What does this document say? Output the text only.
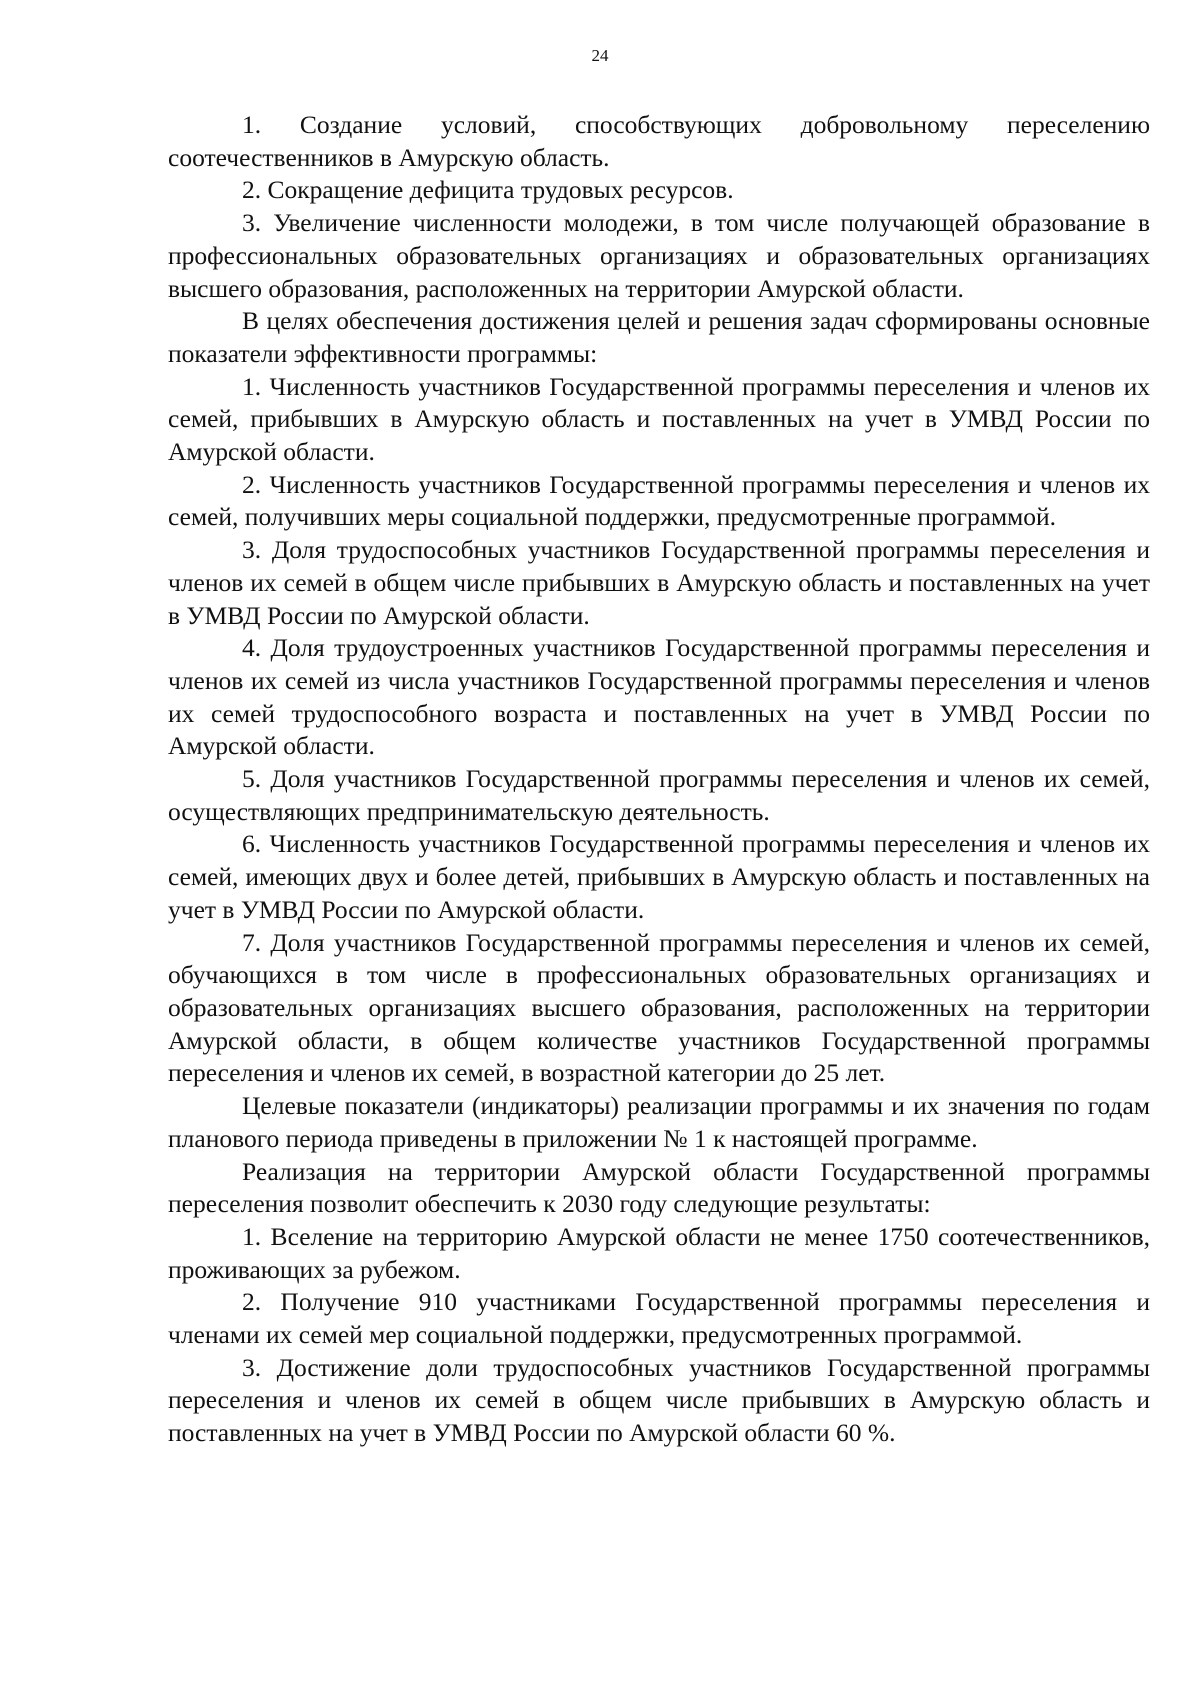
24

1. Создание условий, способствующих добровольному переселению соотечественников в Амурскую область.

2. Сокращение дефицита трудовых ресурсов.

3. Увеличение численности молодежи, в том числе получающей образование в профессиональных образовательных организациях и образовательных организациях высшего образования, расположенных на территории Амурской области.

В целях обеспечения достижения целей и решения задач сформированы основные показатели эффективности программы:

1. Численность участников Государственной программы переселения и членов их семей, прибывших в Амурскую область и поставленных на учет в УМВД России по Амурской области.

2. Численность участников Государственной программы переселения и членов их семей, получивших меры социальной поддержки, предусмотренные программой.

3. Доля трудоспособных участников Государственной программы переселения и членов их семей в общем числе прибывших в Амурскую область и поставленных на учет в УМВД России по Амурской области.

4. Доля трудоустроенных участников Государственной программы переселения и членов их семей из числа участников Государственной программы переселения и членов их семей трудоспособного возраста и поставленных на учет в УМВД России по Амурской области.

5. Доля участников Государственной программы переселения и членов их семей, осуществляющих предпринимательскую деятельность.

6. Численность участников Государственной программы переселения и членов их семей, имеющих двух и более детей, прибывших в Амурскую область и поставленных на учет в УМВД России по Амурской области.

7. Доля участников Государственной программы переселения и членов их семей, обучающихся в том числе в профессиональных образовательных организациях и образовательных организациях высшего образования, расположенных на территории Амурской области, в общем количестве участников Государственной программы переселения и членов их семей, в возрастной категории до 25 лет.

Целевые показатели (индикаторы) реализации программы и их значения по годам планового периода приведены в приложении № 1 к настоящей программе.

Реализация на территории Амурской области Государственной программы переселения позволит обеспечить к 2030 году следующие результаты:

1. Вселение на территорию Амурской области не менее 1750 соотечественников, проживающих за рубежом.

2. Получение 910 участниками Государственной программы переселения и членами их семей мер социальной поддержки, предусмотренных программой.

3. Достижение доли трудоспособных участников Государственной программы переселения и членов их семей в общем числе прибывших в Амурскую область и поставленных на учет в УМВД России по Амурской области 60 %.
